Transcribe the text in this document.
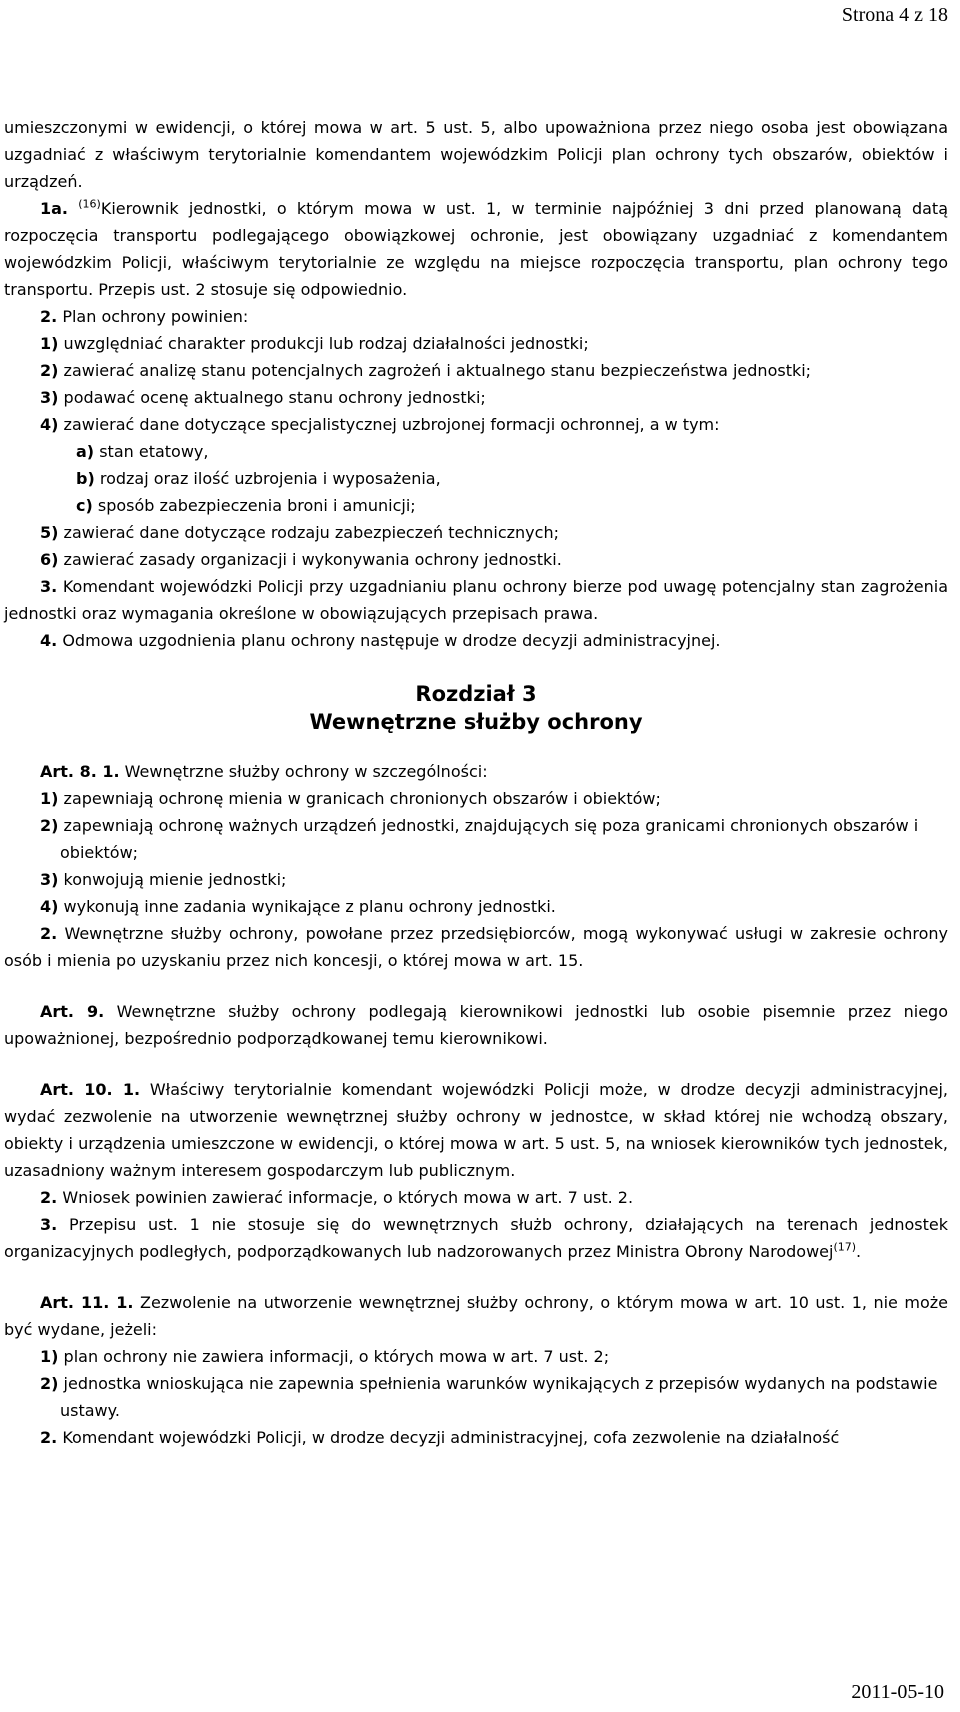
Strona 4 z 18

umieszczonymi w ewidencji, o której mowa w art. 5 ust. 5, albo upoważniona przez niego osoba jest obowiązana uzgadniać z właściwym terytorialnie komendantem wojewódzkim Policji plan ochrony tych obszarów, obiektów i urządzeń.

1a. $^{(16)}$Kierownik jednostki, o którym mowa w ust. 1, w terminie najpóźniej 3 dni przed planowaną datą rozpoczęcia transportu podlegającego obowiązkowej ochronie, jest obowiązany uzgadniać z komendantem wojewódzkim Policji, właściwym terytorialnie ze względu na miejsce rozpoczęcia transportu, plan ochrony tego transportu. Przepis ust. 2 stosuje się odpowiednio.

2. Plan ochrony powinien:

1) uwzględniać charakter produkcji lub rodzaj działalności jednostki;

2) zawierać analizę stanu potencjalnych zagrożeń i aktualnego stanu bezpieczeństwa jednostki;

3) podawać ocenę aktualnego stanu ochrony jednostki;

4) zawierać dane dotyczące specjalistycznej uzbrojonej formacji ochronnej, a w tym:

a) stan etatowy,

b) rodzaj oraz ilość uzbrojenia i wyposażenia,

c) sposób zabezpieczenia broni i amunicji;

5) zawierać dane dotyczące rodzaju zabezpieczeń technicznych;

6) zawierać zasady organizacji i wykonywania ochrony jednostki.

3. Komendant wojewódzki Policji przy uzgadnianiu planu ochrony bierze pod uwagę potencjalny stan zagrożenia jednostki oraz wymagania określone w obowiązujących przepisach prawa.

4. Odmowa uzgodnienia planu ochrony następuje w drodze decyzji administracyjnej.

Rozdział 3
Wewnętrzne służby ochrony

Art. 8. 1. Wewnętrzne służby ochrony w szczególności:

1) zapewniają ochronę mienia w granicach chronionych obszarów i obiektów;

2) zapewniają ochronę ważnych urządzeń jednostki, znajdujących się poza granicami chronionych obszarów i obiektów;

3) konwojują mienie jednostki;

4) wykonują inne zadania wynikające z planu ochrony jednostki.

2. Wewnętrzne służby ochrony, powołane przez przedsiębiorców, mogą wykonywać usługi w zakresie ochrony osób i mienia po uzyskaniu przez nich koncesji, o której mowa w art. 15.

Art. 9. Wewnętrzne służby ochrony podlegają kierownikowi jednostki lub osobie pisemnie przez niego upoważnionej, bezpośrednio podporządkowanej temu kierownikowi.

Art. 10. 1. Właściwy terytorialnie komendant wojewódzki Policji może, w drodze decyzji administracyjnej, wydać zezwolenie na utworzenie wewnętrznej służby ochrony w jednostce, w skład której nie wchodzą obszary, obiekty i urządzenia umieszczone w ewidencji, o której mowa w art. 5 ust. 5, na wniosek kierowników tych jednostek, uzasadniony ważnym interesem gospodarczym lub publicznym.

2. Wniosek powinien zawierać informacje, o których mowa w art. 7 ust. 2.

3. Przepisu ust. 1 nie stosuje się do wewnętrznych służb ochrony, działających na terenach jednostek organizacyjnych podległych, podporządkowanych lub nadzorowanych przez Ministra Obrony Narodowej$^{(17)}$.

Art. 11. 1. Zezwolenie na utworzenie wewnętrznej służby ochrony, o którym mowa w art. 10 ust. 1, nie może być wydane, jeżeli:

1) plan ochrony nie zawiera informacji, o których mowa w art. 7 ust. 2;

2) jednostka wnioskująca nie zapewnia spełnienia warunków wynikających z przepisów wydanych na podstawie ustawy.

2. Komendant wojewódzki Policji, w drodze decyzji administracyjnej, cofa zezwolenie na działalność

2011-05-10
